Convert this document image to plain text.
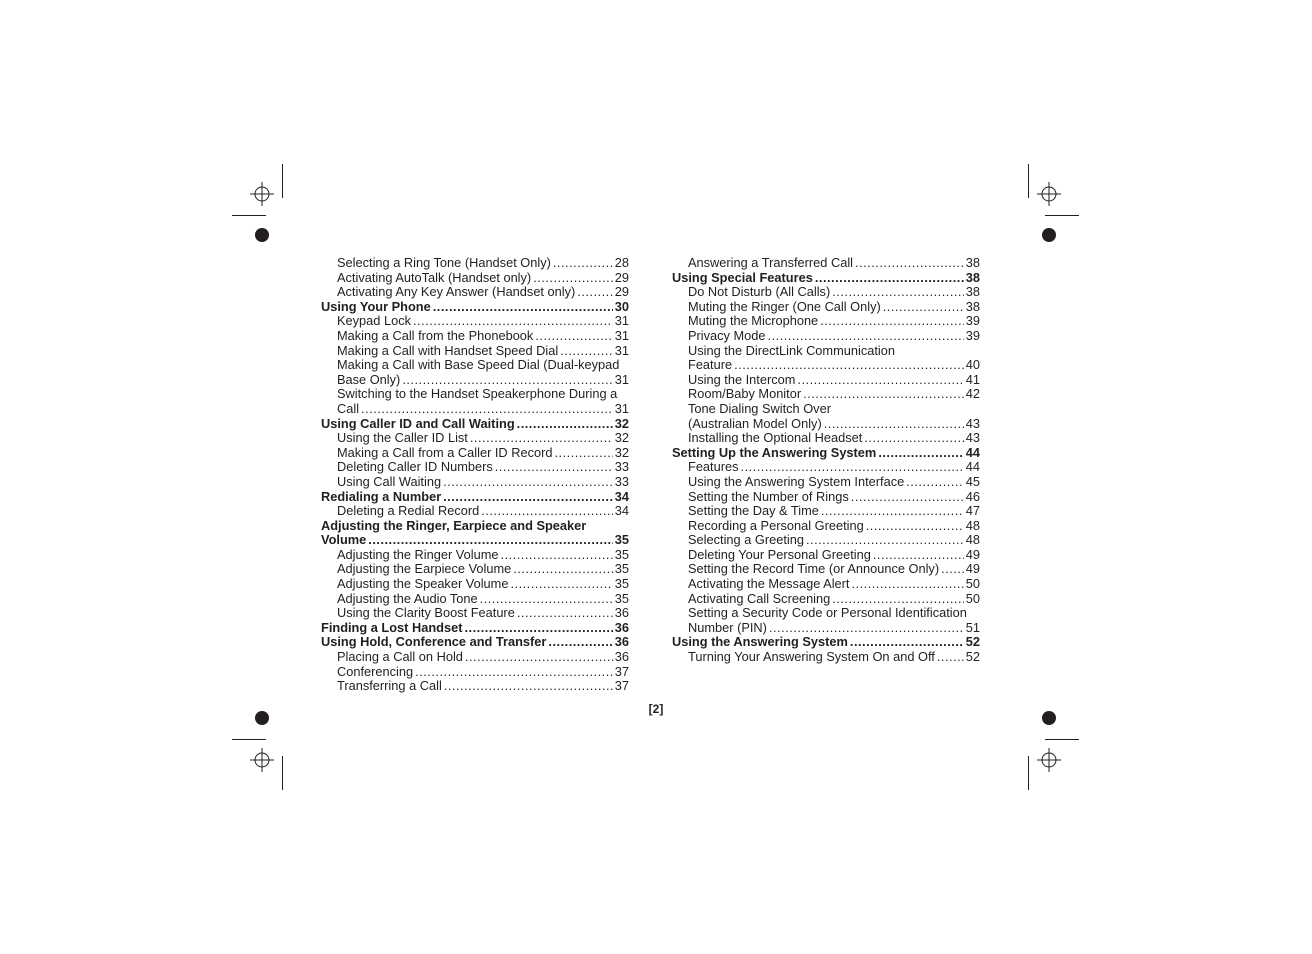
Selecting a Ring Tone (Handset Only) .....	28
Activating AutoTalk (Handset only) .....	29
Activating Any Key Answer (Handset only) .....	29
Using Your Phone .....	30
Keypad Lock .....	31
Making a Call from the Phonebook .....	31
Making a Call with Handset Speed Dial .....	31
Making a Call with Base Speed Dial (Dual-keypad
Base Only) .....	31
Switching to the Handset Speakerphone During a
Call .....	31
Using Caller ID and Call Waiting .....	32
Using the Caller ID List .....	32
Making a Call from a Caller ID Record .....	32
Deleting Caller ID Numbers .....	33
Using Call Waiting .....	33
Redialing a Number .....	34
Deleting a Redial Record .....	34
Adjusting the Ringer, Earpiece and Speaker
Volume .....	35
Adjusting the Ringer Volume .....	35
Adjusting the Earpiece Volume .....	35
Adjusting the Speaker Volume .....	35
Adjusting the Audio Tone .....	35
Using the Clarity Boost Feature .....	36
Finding a Lost Handset .....	36
Using Hold, Conference and Transfer .....	36
Placing a Call on Hold .....	36
Conferencing .....	37
Transferring a Call .....	37
Answering a Transferred Call .....	38
Using Special Features .....	38
Do Not Disturb (All Calls) .....	38
Muting the Ringer (One Call Only) .....	38
Muting the Microphone .....	39
Privacy Mode .....	39
Using the DirectLink Communication
Feature .....	40
Using the Intercom .....	41
Room/Baby Monitor .....	42
Tone Dialing Switch Over
(Australian Model Only) .....	43
Installing the Optional Headset .....	43
Setting Up the Answering System .....	44
Features .....	44
Using the Answering System Interface .....	45
Setting the Number of Rings .....	46
Setting the Day & Time .....	47
Recording a Personal Greeting .....	48
Selecting a Greeting .....	48
Deleting Your Personal Greeting .....	49
Setting the Record Time (or Announce Only) ..... 49
Activating the Message Alert .....	50
Activating Call Screening .....	50
Setting a Security Code or Personal Identification
Number (PIN) .....	51
Using the Answering System .....	52
Turning Your Answering System On and Off ..... 52
[2]
